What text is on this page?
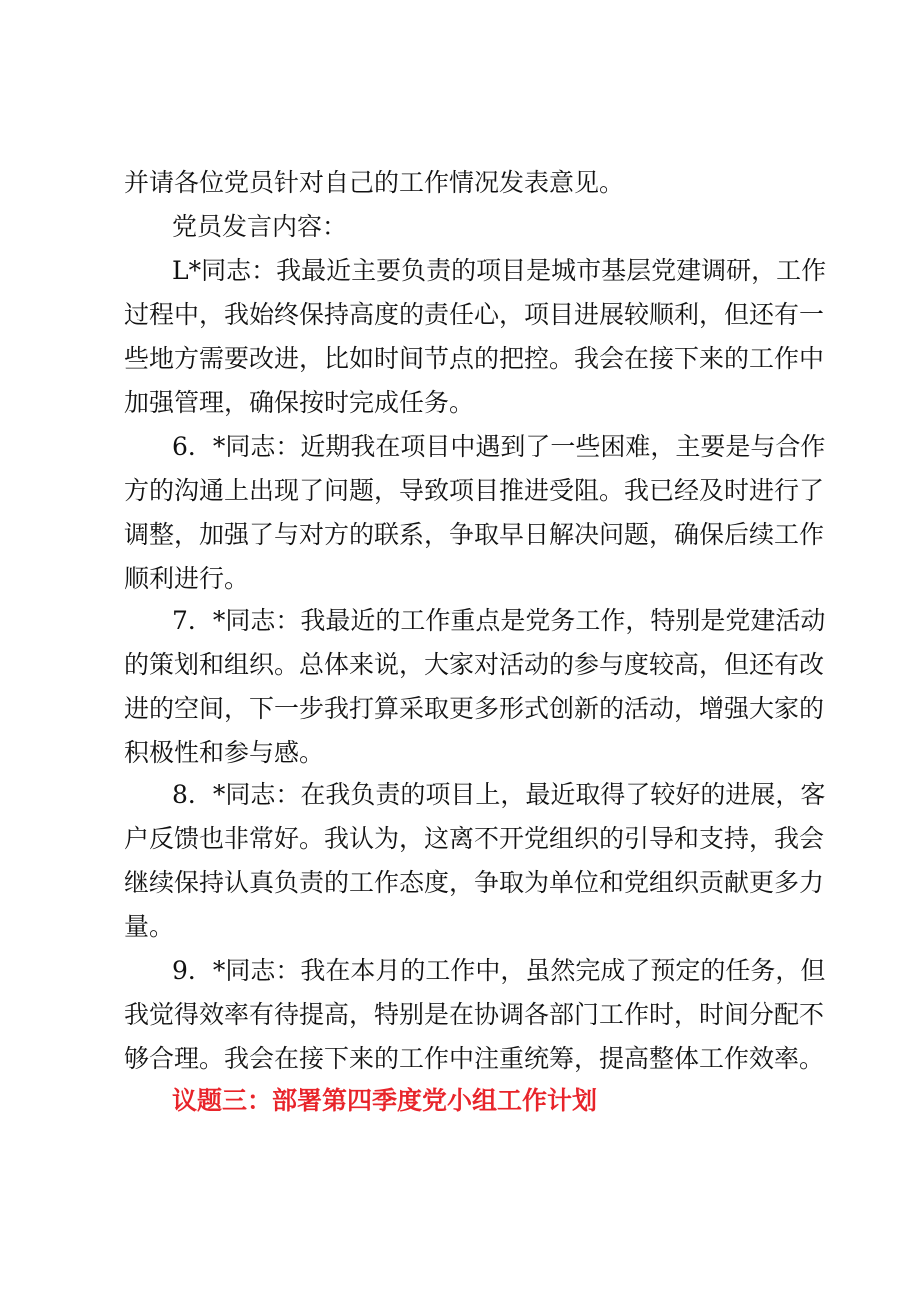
并请各位党员针对自己的工作情况发表意见。
党员发言内容：
L*同志：我最近主要负责的项目是城市基层党建调研，工作
过程中，我始终保持高度的责任心，项目进展较顺利，但还有一
些地方需要改进，比如时间节点的把控。我会在接下来的工作中
加强管理，确保按时完成任务。
6．*同志：近期我在项目中遇到了一些困难，主要是与合作
方的沟通上出现了问题，导致项目推进受阻。我已经及时进行了
调整，加强了与对方的联系，争取早日解决问题，确保后续工作
顺利进行。
7．*同志：我最近的工作重点是党务工作，特别是党建活动
的策划和组织。总体来说，大家对活动的参与度较高，但还有改
进的空间，下一步我打算采取更多形式创新的活动，增强大家的
积极性和参与感。
8．*同志：在我负责的项目上，最近取得了较好的进展，客
户反馈也非常好。我认为，这离不开党组织的引导和支持，我会
继续保持认真负责的工作态度，争取为单位和党组织贡献更多力
量。
9．*同志：我在本月的工作中，虽然完成了预定的任务，但
我觉得效率有待提高，特别是在协调各部门工作时，时间分配不
够合理。我会在接下来的工作中注重统筹，提高整体工作效率。
议题三：部署第四季度党小组工作计划
